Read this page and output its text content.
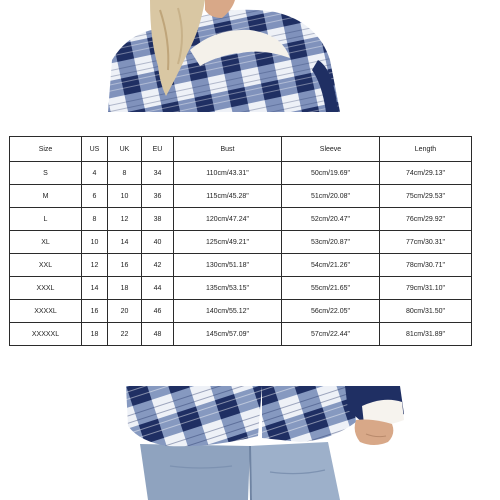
Size	US	UK	EU	Bust	Sleeve	Length
S	4	8	34	110cm/43.31"	50cm/19.69"	74cm/29.13"
M	6	10	36	115cm/45.28"	51cm/20.08"	75cm/29.53"
L	8	12	38	120cm/47.24"	52cm/20.47"	76cm/29.92"
XL	10	14	40	125cm/49.21"	53cm/20.87"	77cm/30.31"
XXL	12	16	42	130cm/51.18"	54cm/21.26"	78cm/30.71"
XXXL	14	18	44	135cm/53.15"	55cm/21.65"	79cm/31.10"
XXXXL	16	20	46	140cm/55.12"	56cm/22.05"	80cm/31.50"
XXXXXL	18	22	48	145cm/57.09"	57cm/22.44"	81cm/31.89"
